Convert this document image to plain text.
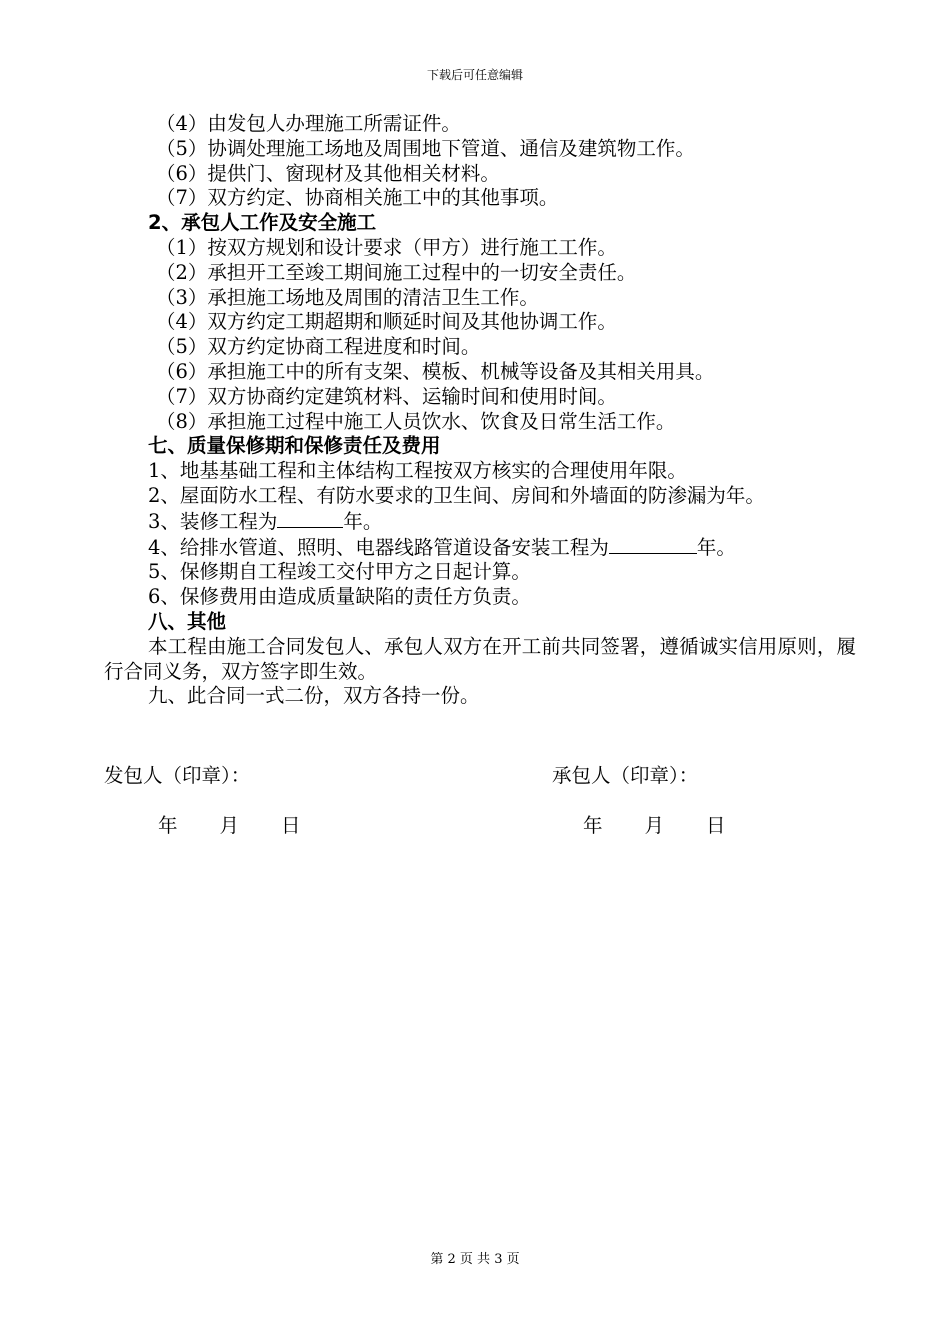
下载后可任意编辑

（4）由发包人办理施工所需证件。

（5）协调处理施工场地及周围地下管道、通信及建筑物工作。

（6）提供门、窗现材及其他相关材料。

（7）双方约定、协商相关施工中的其他事项。

2、承包人工作及安全施工

（1）按双方规划和设计要求（甲方）进行施工工作。

（2）承担开工至竣工期间施工过程中的一切安全责任。

（3）承担施工场地及周围的清洁卫生工作。

（4）双方约定工期超期和顺延时间及其他协调工作。

（5）双方约定协商工程进度和时间。

（6）承担施工中的所有支架、模板、机械等设备及其相关用具。

（7）双方协商约定建筑材料、运输时间和使用时间。

（8）承担施工过程中施工人员饮水、饮食及日常生活工作。

七、质量保修期和保修责任及费用

1、地基基础工程和主体结构工程按双方核实的合理使用年限。

2、屋面防水工程、有防水要求的卫生间、房间和外墙面的防渗漏为年。

3、装修工程为	年。

4、给排水管道、照明、电器线路管道设备安装工程为	年。

5、保修期自工程竣工交付甲方之日起计算。

6、保修费用由造成质量缺陷的责任方负责。

八、其他

本工程由施工合同发包人、承包人双方在开工前共同签署，遵循诚实信用原则，履行合同义务，双方签字即生效。

九、此合同一式二份，双方各持一份。

发包人（印章）：	承包人（印章）：
年 月 日	年 月 日
第 2 页 共 3 页
